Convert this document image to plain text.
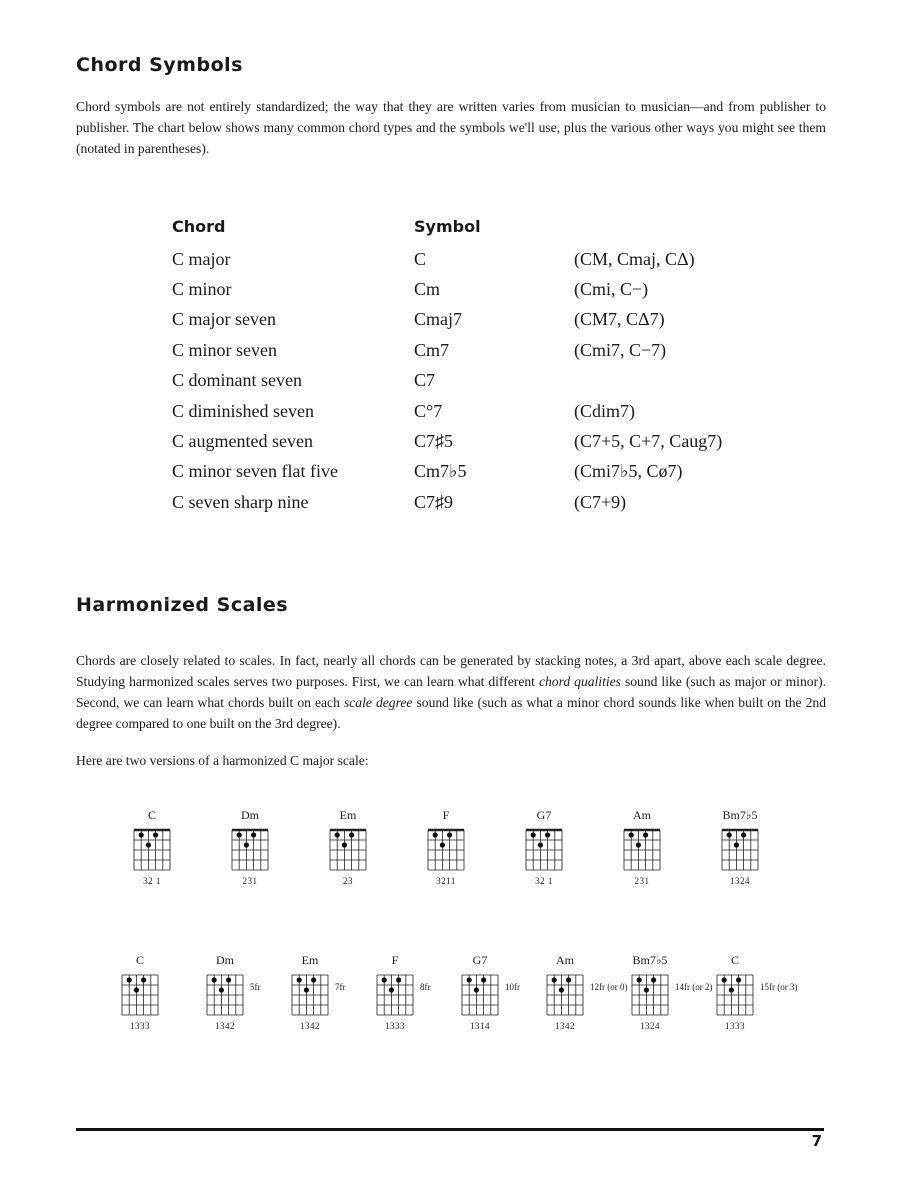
Chord Symbols

Chord symbols are not entirely standardized; the way that they are written varies from musician to musician—and from publisher to publisher. The chart below shows many common chord types and the symbols we'll use, plus the various other ways you might see them (notated in parentheses).

Chord	Symbol	
C major	C	(CM, Cmaj, CΔ)
C minor	Cm	(Cmi, C−)
C major seven	Cmaj7	(CM7, CΔ7)
C minor seven	Cm7	(Cmi7, C−7)
C dominant seven	C7	
C diminished seven	C°7	(Cdim7)
C augmented seven	C7♯5	(C7+5, C+7, Caug7)
C minor seven flat five	Cm7♭5	(Cmi7♭5, Cø7)
C seven sharp nine	C7♯9	(C7+9)
Harmonized Scales

Chords are closely related to scales. In fact, nearly all chords can be generated by stacking notes, a 3rd apart, above each scale degree. Studying harmonized scales serves two purposes. First, we can learn what different chord qualities sound like (such as major or minor). Second, we can learn what chords built on each scale degree sound like (such as what a minor chord sounds like when built on the 2nd degree compared to one built on the 3rd degree).

Here are two versions of a harmonized C major scale:

C
32 1
Dm
231
Em
23
F
3211
G7
32 1
Am
231
Bm7♭5
1324
C
1333
Dm
1342
5fr
Em
1342
7fr
F
1333
8fr
G7
1314
10fr
Am
1342
12fr (or 0)
Bm7♭5
1324
14fr (or 2)
C
1333
15fr (or 3)
7
